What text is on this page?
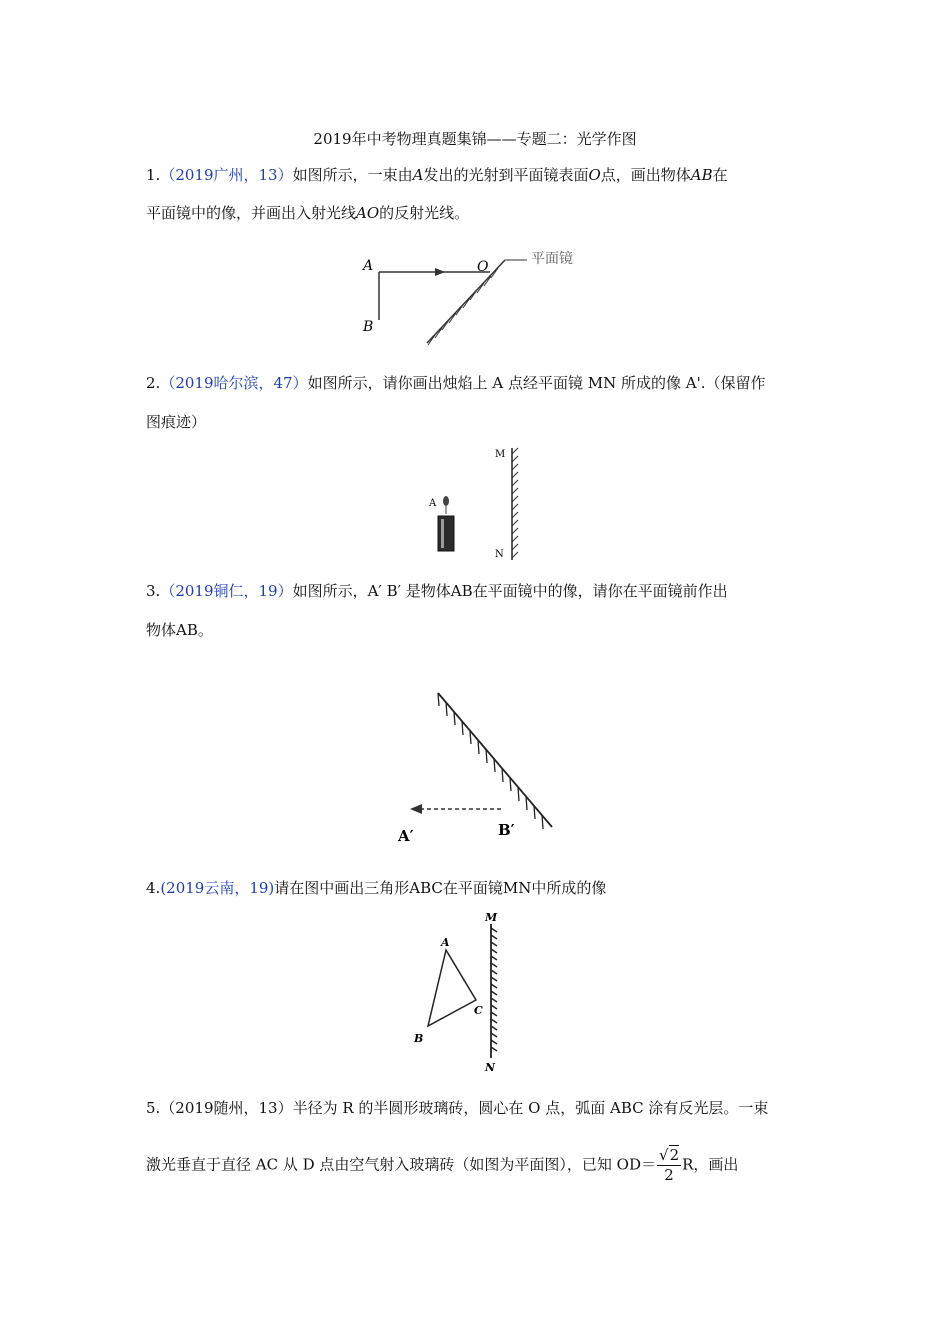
2019年中考物理真题集锦——专题二：光学作图
1.（2019广州，13）如图所示，一束由A发出的光射到平面镜表面O点，画出物体AB在
平面镜中的像，并画出入射光线AO的反射光线。
A
B
O	平面镜
2.（2019哈尔滨，47）如图所示，请你画出烛焰上 A 点经平面镜 MN 所成的像 A'.（保留作
图痕迹）
M
N
A
3.（2019铜仁，19）如图所示，A′ B′ 是物体AB在平面镜中的像，请你在平面镜前作出
物体AB。
A′	B′
4.(2019云南，19)请在图中画出三角形ABC在平面镜MN中所成的像
M
N
A
B
C
5.（2019随州，13）半径为 R 的半圆形玻璃砖，圆心在 O 点，弧面 ABC 涂有反光层。一束
激光垂直于直径 AC 从 D 点由空气射入玻璃砖（如图为平面图），已知 $OD= \frac{√2}{2}$ R，画出
